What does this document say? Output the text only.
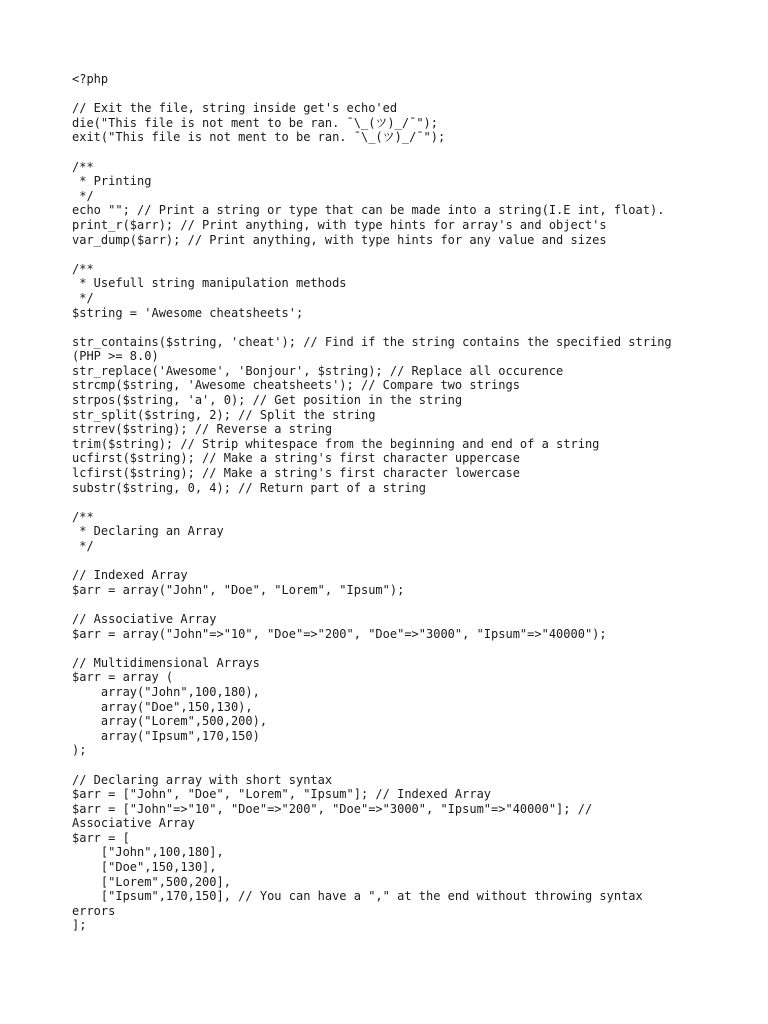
<?php
// Exit the file, string inside get's echo'ed
die("This file is not ment to be ran. ¯\_(ツ)_/¯");
exit("This file is not ment to be ran. ¯\_(ツ)_/¯");
/**
* Printing
*/
echo ""; // Print a string or type that can be made into a string(I.E int, float).
print_r($arr); // Print anything, with type hints for array's and object's
var_dump($arr); // Print anything, with type hints for any value and sizes
/**
* Usefull string manipulation methods
*/
$string = 'Awesome cheatsheets';
str_contains($string, 'cheat'); // Find if the string contains the specified string
(PHP >= 8.0)
str_replace('Awesome', 'Bonjour', $string); // Replace all occurence
strcmp($string, 'Awesome cheatsheets'); // Compare two strings
strpos($string, 'a', 0); // Get position in the string
str_split($string, 2); // Split the string
strrev($string); // Reverse a string
trim($string); // Strip whitespace from the beginning and end of a string
ucfirst($string); // Make a string's first character uppercase
lcfirst($string); // Make a string's first character lowercase
substr($string, 0, 4); // Return part of a string
/**
* Declaring an Array
*/
// Indexed Array
$arr = array("John", "Doe", "Lorem", "Ipsum");
// Associative Array
$arr = array("John"=>"10", "Doe"=>"200", "Doe"=>"3000", "Ipsum"=>"40000");
// Multidimensional Arrays
$arr = array (
array("John",100,180),
array("Doe",150,130),
array("Lorem",500,200),
array("Ipsum",170,150)
);
// Declaring array with short syntax
$arr = ["John", "Doe", "Lorem", "Ipsum"]; // Indexed Array
$arr = ["John"=>"10", "Doe"=>"200", "Doe"=>"3000", "Ipsum"=>"40000"]; //
Associative Array
$arr = [
["John",100,180],
["Doe",150,130],
["Lorem",500,200],
["Ipsum",170,150], // You can have a "," at the end without throwing syntax
errors
];
